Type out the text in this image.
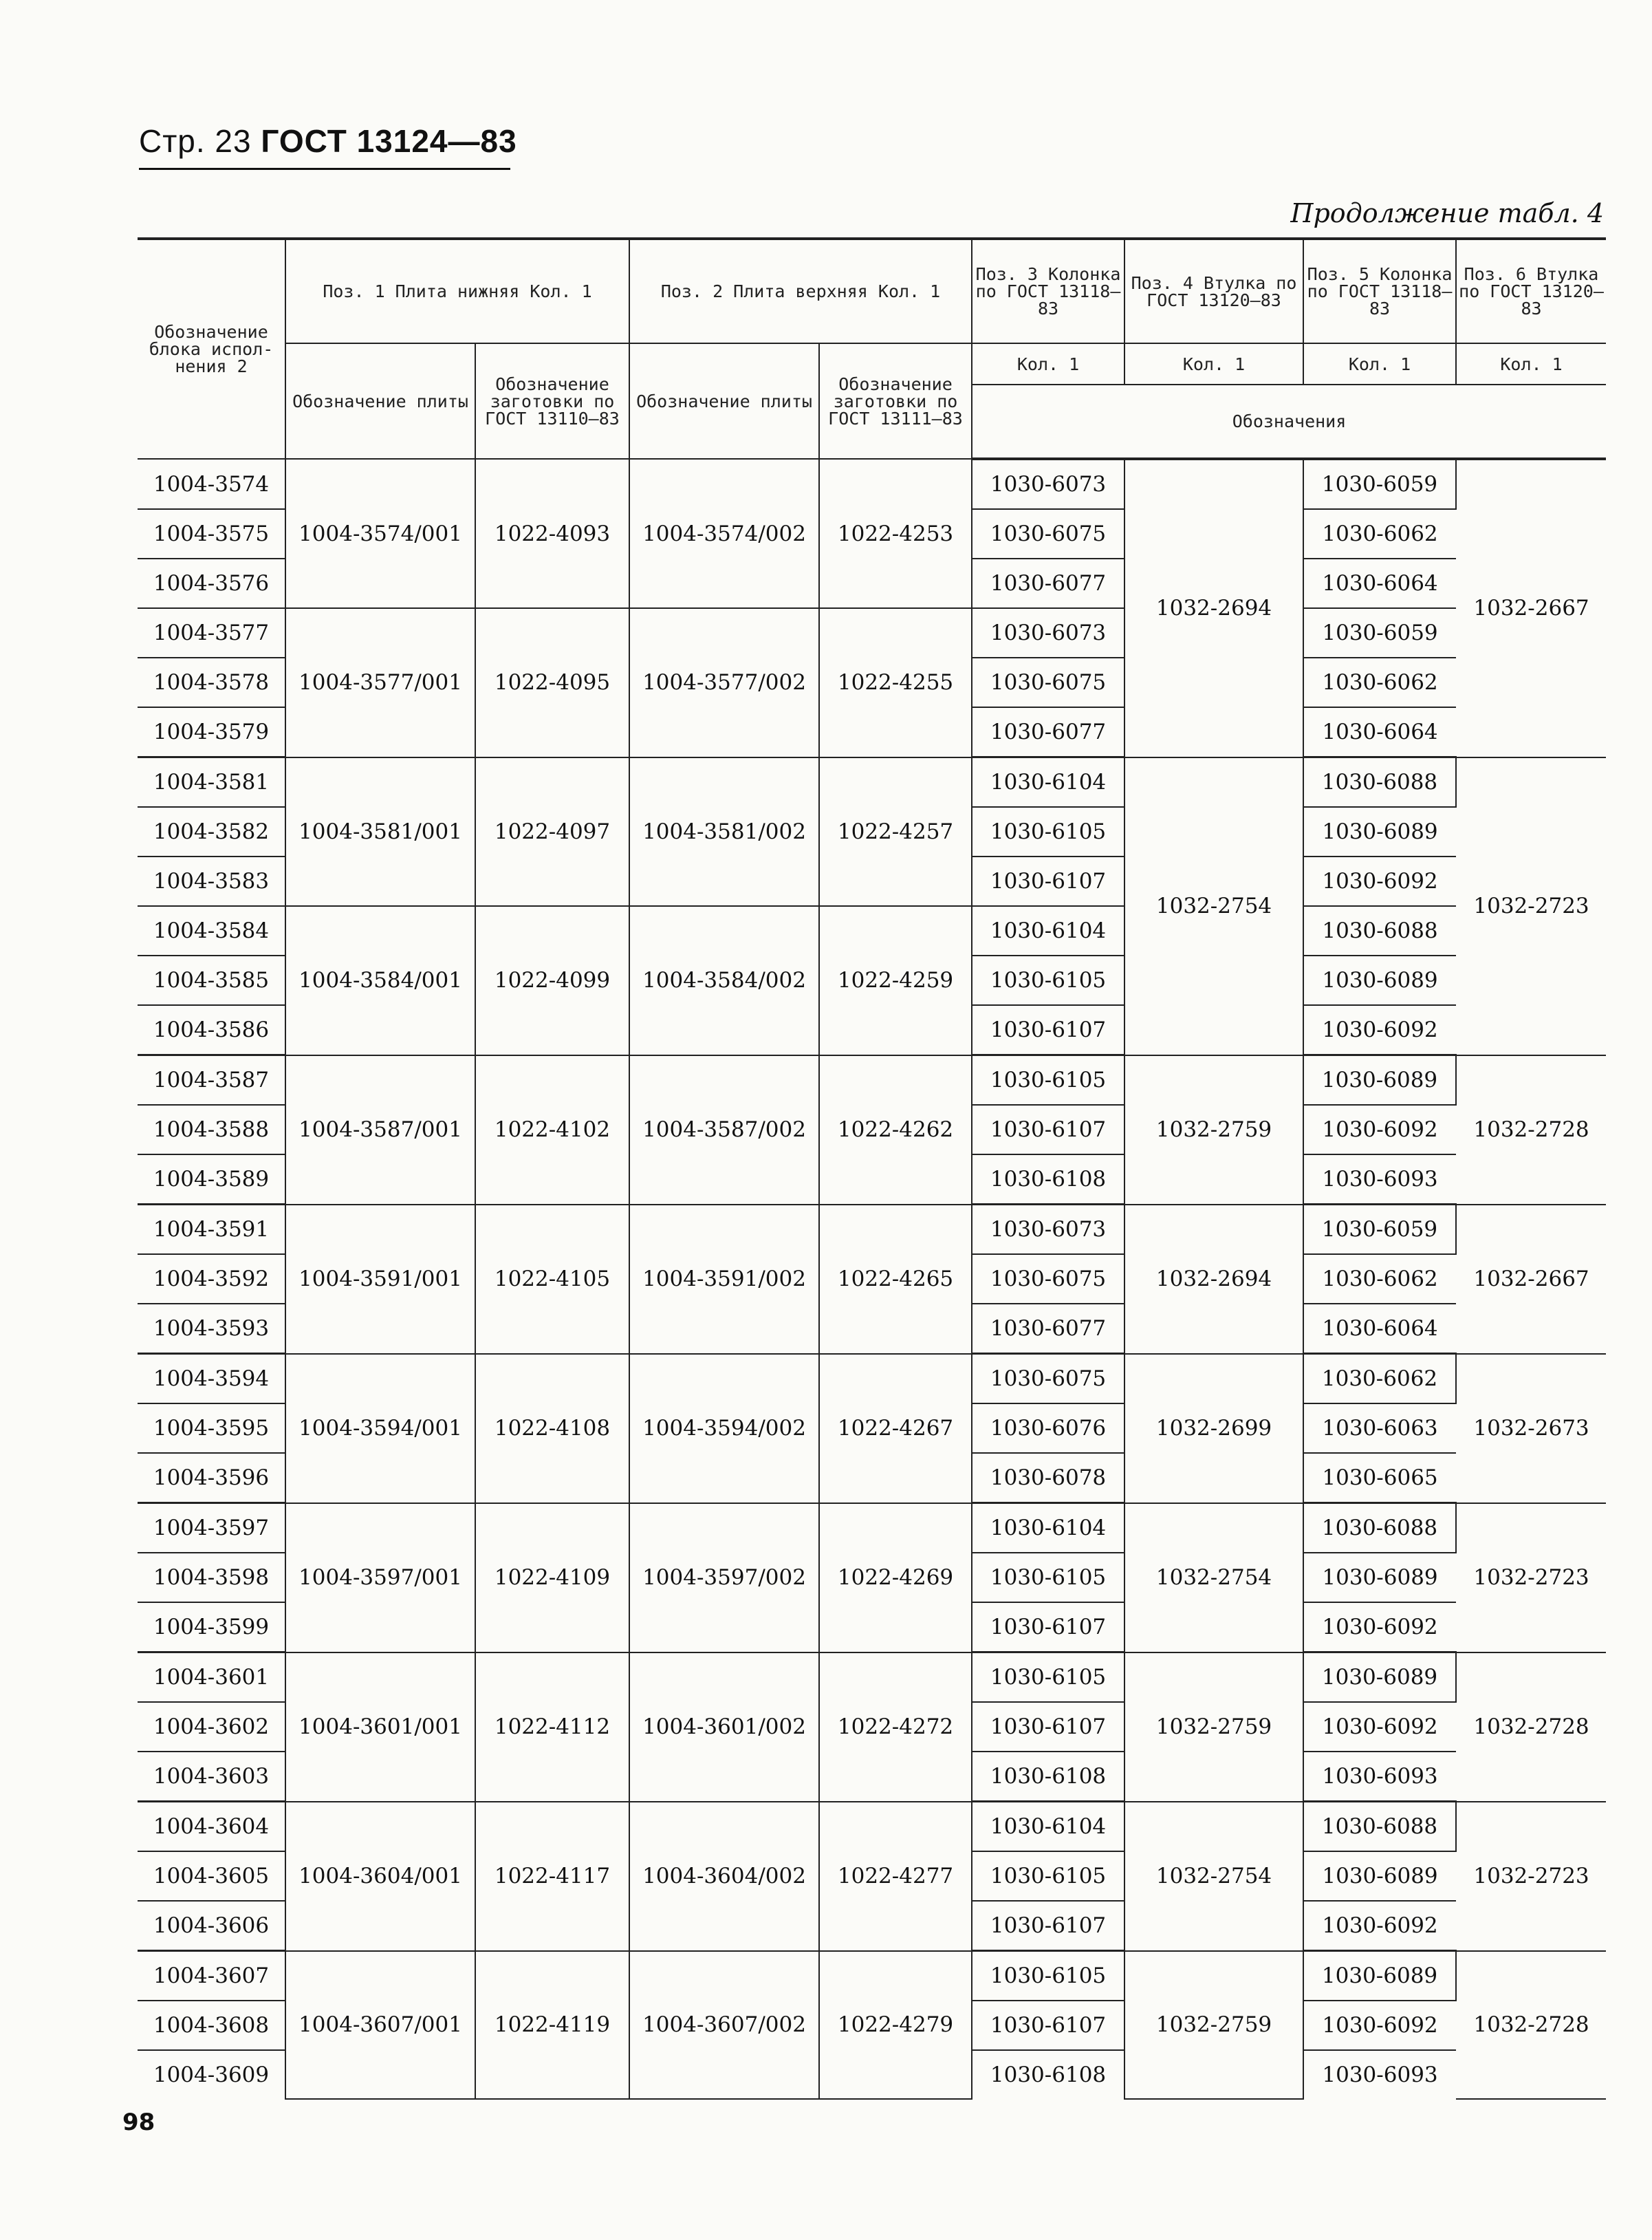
Стр. 23 ГОСТ 13124—83
Продолжение табл. 4
Обозначение блока испол- нения 2	Поз. 1 Плита нижняя Кол. 1		Поз. 2 Плита верхняя Кол. 1		Поз. 3 Колонка по ГОСТ 13118—83	Поз. 4 Втулка по ГОСТ 13120—83	Поз. 5 Колонка по ГОСТ 13118—83	Поз. 6 Втулка по ГОСТ 13120—83
	Обозначение плиты	Обозначение заготовки по ГОСТ 13110—83	Обозначение плиты	Обозначение заготовки по ГОСТ 13111—83	Кол. 1	Кол. 1	Кол. 1	Кол. 1
					Обозначения			
1004-3574	1004-3574/001	1022-4093	1004-3574/002	1022-4253	1030-6073	1032-2694	1030-6059	1032-2667
1004-3575					1030-6075		1030-6062	
1004-3576					1030-6077		1030-6064	
1004-3577	1004-3577/001	1022-4095	1004-3577/002	1022-4255	1030-6073		1030-6059	
1004-3578					1030-6075		1030-6062	
1004-3579					1030-6077		1030-6064	
1004-3581	1004-3581/001	1022-4097	1004-3581/002	1022-4257	1030-6104	1032-2754	1030-6088	1032-2723
1004-3582					1030-6105		1030-6089	
1004-3583					1030-6107		1030-6092	
1004-3584	1004-3584/001	1022-4099	1004-3584/002	1022-4259	1030-6104		1030-6088	
1004-3585					1030-6105		1030-6089	
1004-3586					1030-6107		1030-6092	
1004-3587	1004-3587/001	1022-4102	1004-3587/002	1022-4262	1030-6105	1032-2759	1030-6089	1032-2728
1004-3588					1030-6107		1030-6092	
1004-3589					1030-6108		1030-6093	
1004-3591	1004-3591/001	1022-4105	1004-3591/002	1022-4265	1030-6073	1032-2694	1030-6059	1032-2667
1004-3592					1030-6075		1030-6062	
1004-3593					1030-6077		1030-6064	
1004-3594	1004-3594/001	1022-4108	1004-3594/002	1022-4267	1030-6075	1032-2699	1030-6062	1032-2673
1004-3595					1030-6076		1030-6063	
1004-3596					1030-6078		1030-6065	
1004-3597	1004-3597/001	1022-4109	1004-3597/002	1022-4269	1030-6104	1032-2754	1030-6088	1032-2723
1004-3598					1030-6105		1030-6089	
1004-3599					1030-6107		1030-6092	
1004-3601	1004-3601/001	1022-4112	1004-3601/002	1022-4272	1030-6105	1032-2759	1030-6089	1032-2728
1004-3602					1030-6107		1030-6092	
1004-3603					1030-6108		1030-6093	
1004-3604	1004-3604/001	1022-4117	1004-3604/002	1022-4277	1030-6104	1032-2754	1030-6088	1032-2723
1004-3605					1030-6105		1030-6089	
1004-3606					1030-6107		1030-6092	
1004-3607	1004-3607/001	1022-4119	1004-3607/002	1022-4279	1030-6105	1032-2759	1030-6089	1032-2728
1004-3608					1030-6107		1030-6092	
1004-3609					1030-6108		1030-6093	
98
